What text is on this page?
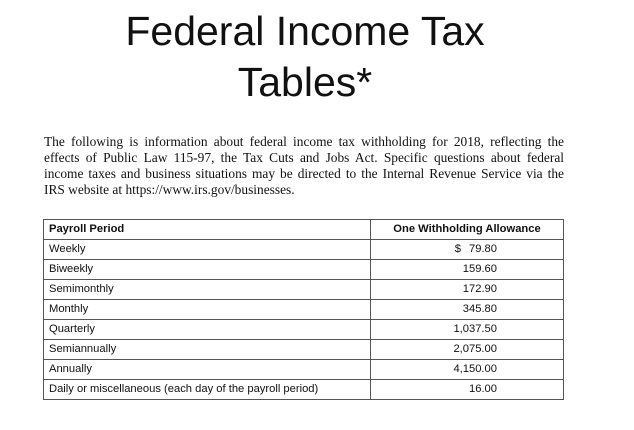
Federal Income Tax
Tables*

The following is information about federal income tax withholding for 2018, reflecting the effects of Public Law 115-97, the Tax Cuts and Jobs Act. Specific questions about federal income taxes and business situations may be directed to the Internal Revenue Service via the IRS website at https://www.irs.gov/businesses.

Payroll Period	One Withholding Allowance
Weekly	$ 79.80
Biweekly	159.60
Semimonthly	172.90
Monthly	345.80
Quarterly	1,037.50
Semiannually	2,075.00
Annually	4,150.00
Daily or miscellaneous (each day of the payroll period)	16.00
